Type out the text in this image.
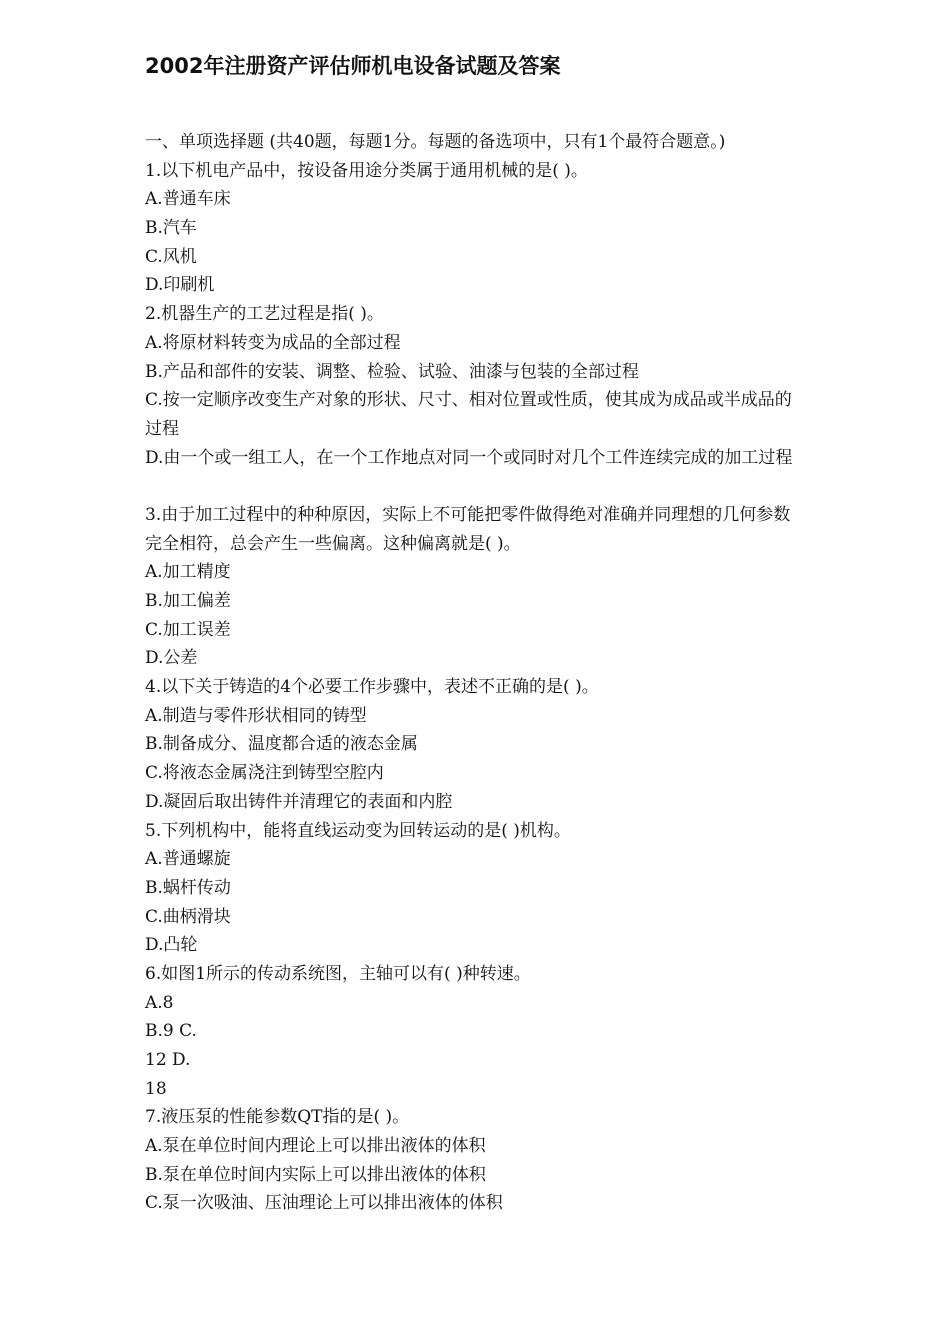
2002年注册资产评估师机电设备试题及答案
一、单项选择题 (共40题，每题1分。每题的备选项中，只有1个最符合题意。)
1.以下机电产品中，按设备用途分类属于通用机械的是( )。
A.普通车床
B.汽车
C.风机
D.印刷机
2.机器生产的工艺过程是指( )。
A.将原材料转变为成品的全部过程
B.产品和部件的安装、调整、检验、试验、油漆与包装的全部过程
C.按一定顺序改变生产对象的形状、尺寸、相对位置或性质，使其成为成品或半成品的
过程
D.由一个或一组工人，在一个工作地点对同一个或同时对几个工件连续完成的加工过程
3.由于加工过程中的种种原因，实际上不可能把零件做得绝对准确并同理想的几何参数
完全相符，总会产生一些偏离。这种偏离就是( )。
A.加工精度
B.加工偏差
C.加工误差
D.公差
4.以下关于铸造的4个必要工作步骤中，表述不正确的是( )。
A.制造与零件形状相同的铸型
B.制备成分、温度都合适的液态金属
C.将液态金属浇注到铸型空腔内
D.凝固后取出铸件并清理它的表面和内腔
5.下列机构中，能将直线运动变为回转运动的是( )机构。
A.普通螺旋
B.蜗杆传动
C.曲柄滑块
D.凸轮
6.如图1所示的传动系统图，主轴可以有( )种转速。
A.8
B.9 C.
12 D.
18
7.液压泵的性能参数QT指的是( )。
A.泵在单位时间内理论上可以排出液体的体积
B.泵在单位时间内实际上可以排出液体的体积
C.泵一次吸油、压油理论上可以排出液体的体积
